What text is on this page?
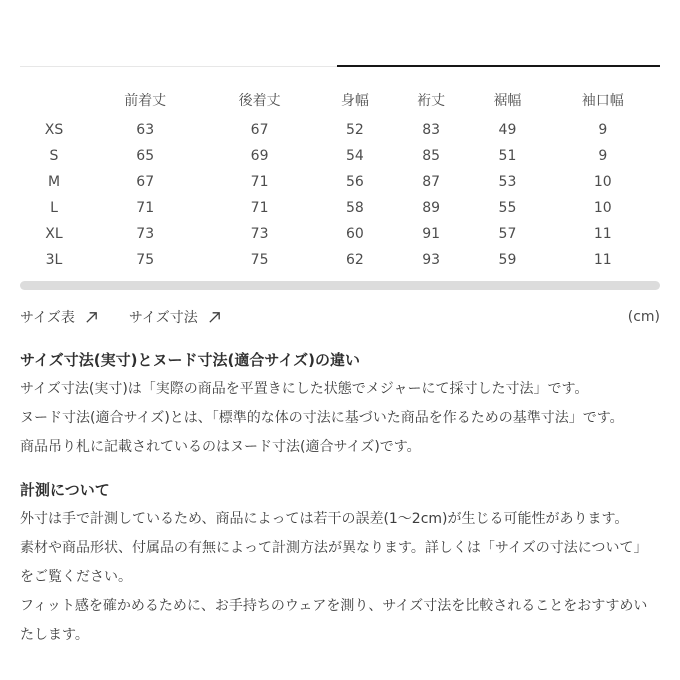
	前着丈	後着丈	身幅	裄丈	裾幅	袖口幅
XS	63	67	52	83	49	9
S	65	69	54	85	51	9
M	67	71	56	87	53	10
L	71	71	58	89	55	10
XL	73	73	60	91	57	11
3L	75	75	62	93	59	11
サイズ表	サイズ寸法	(cm)
サイズ寸法(実寸)とヌード寸法(適合サイズ)の違い

サイズ寸法(実寸)は「実際の商品を平置きにした状態でメジャーにて採寸した寸法」です。

ヌード寸法(適合サイズ)とは、「標準的な体の寸法に基づいた商品を作るための基準寸法」です。

商品吊り札に記載されているのはヌード寸法(適合サイズ)です。

計測について

外寸は手で計測しているため、商品によっては若干の誤差(1〜2cm)が生じる可能性があります。

素材や商品形状、付属品の有無によって計測方法が異なります。詳しくは「サイズの寸法について」をご覧ください。

フィット感を確かめるために、お手持ちのウェアを測り、サイズ寸法を比較されることをおすすめいたします。
